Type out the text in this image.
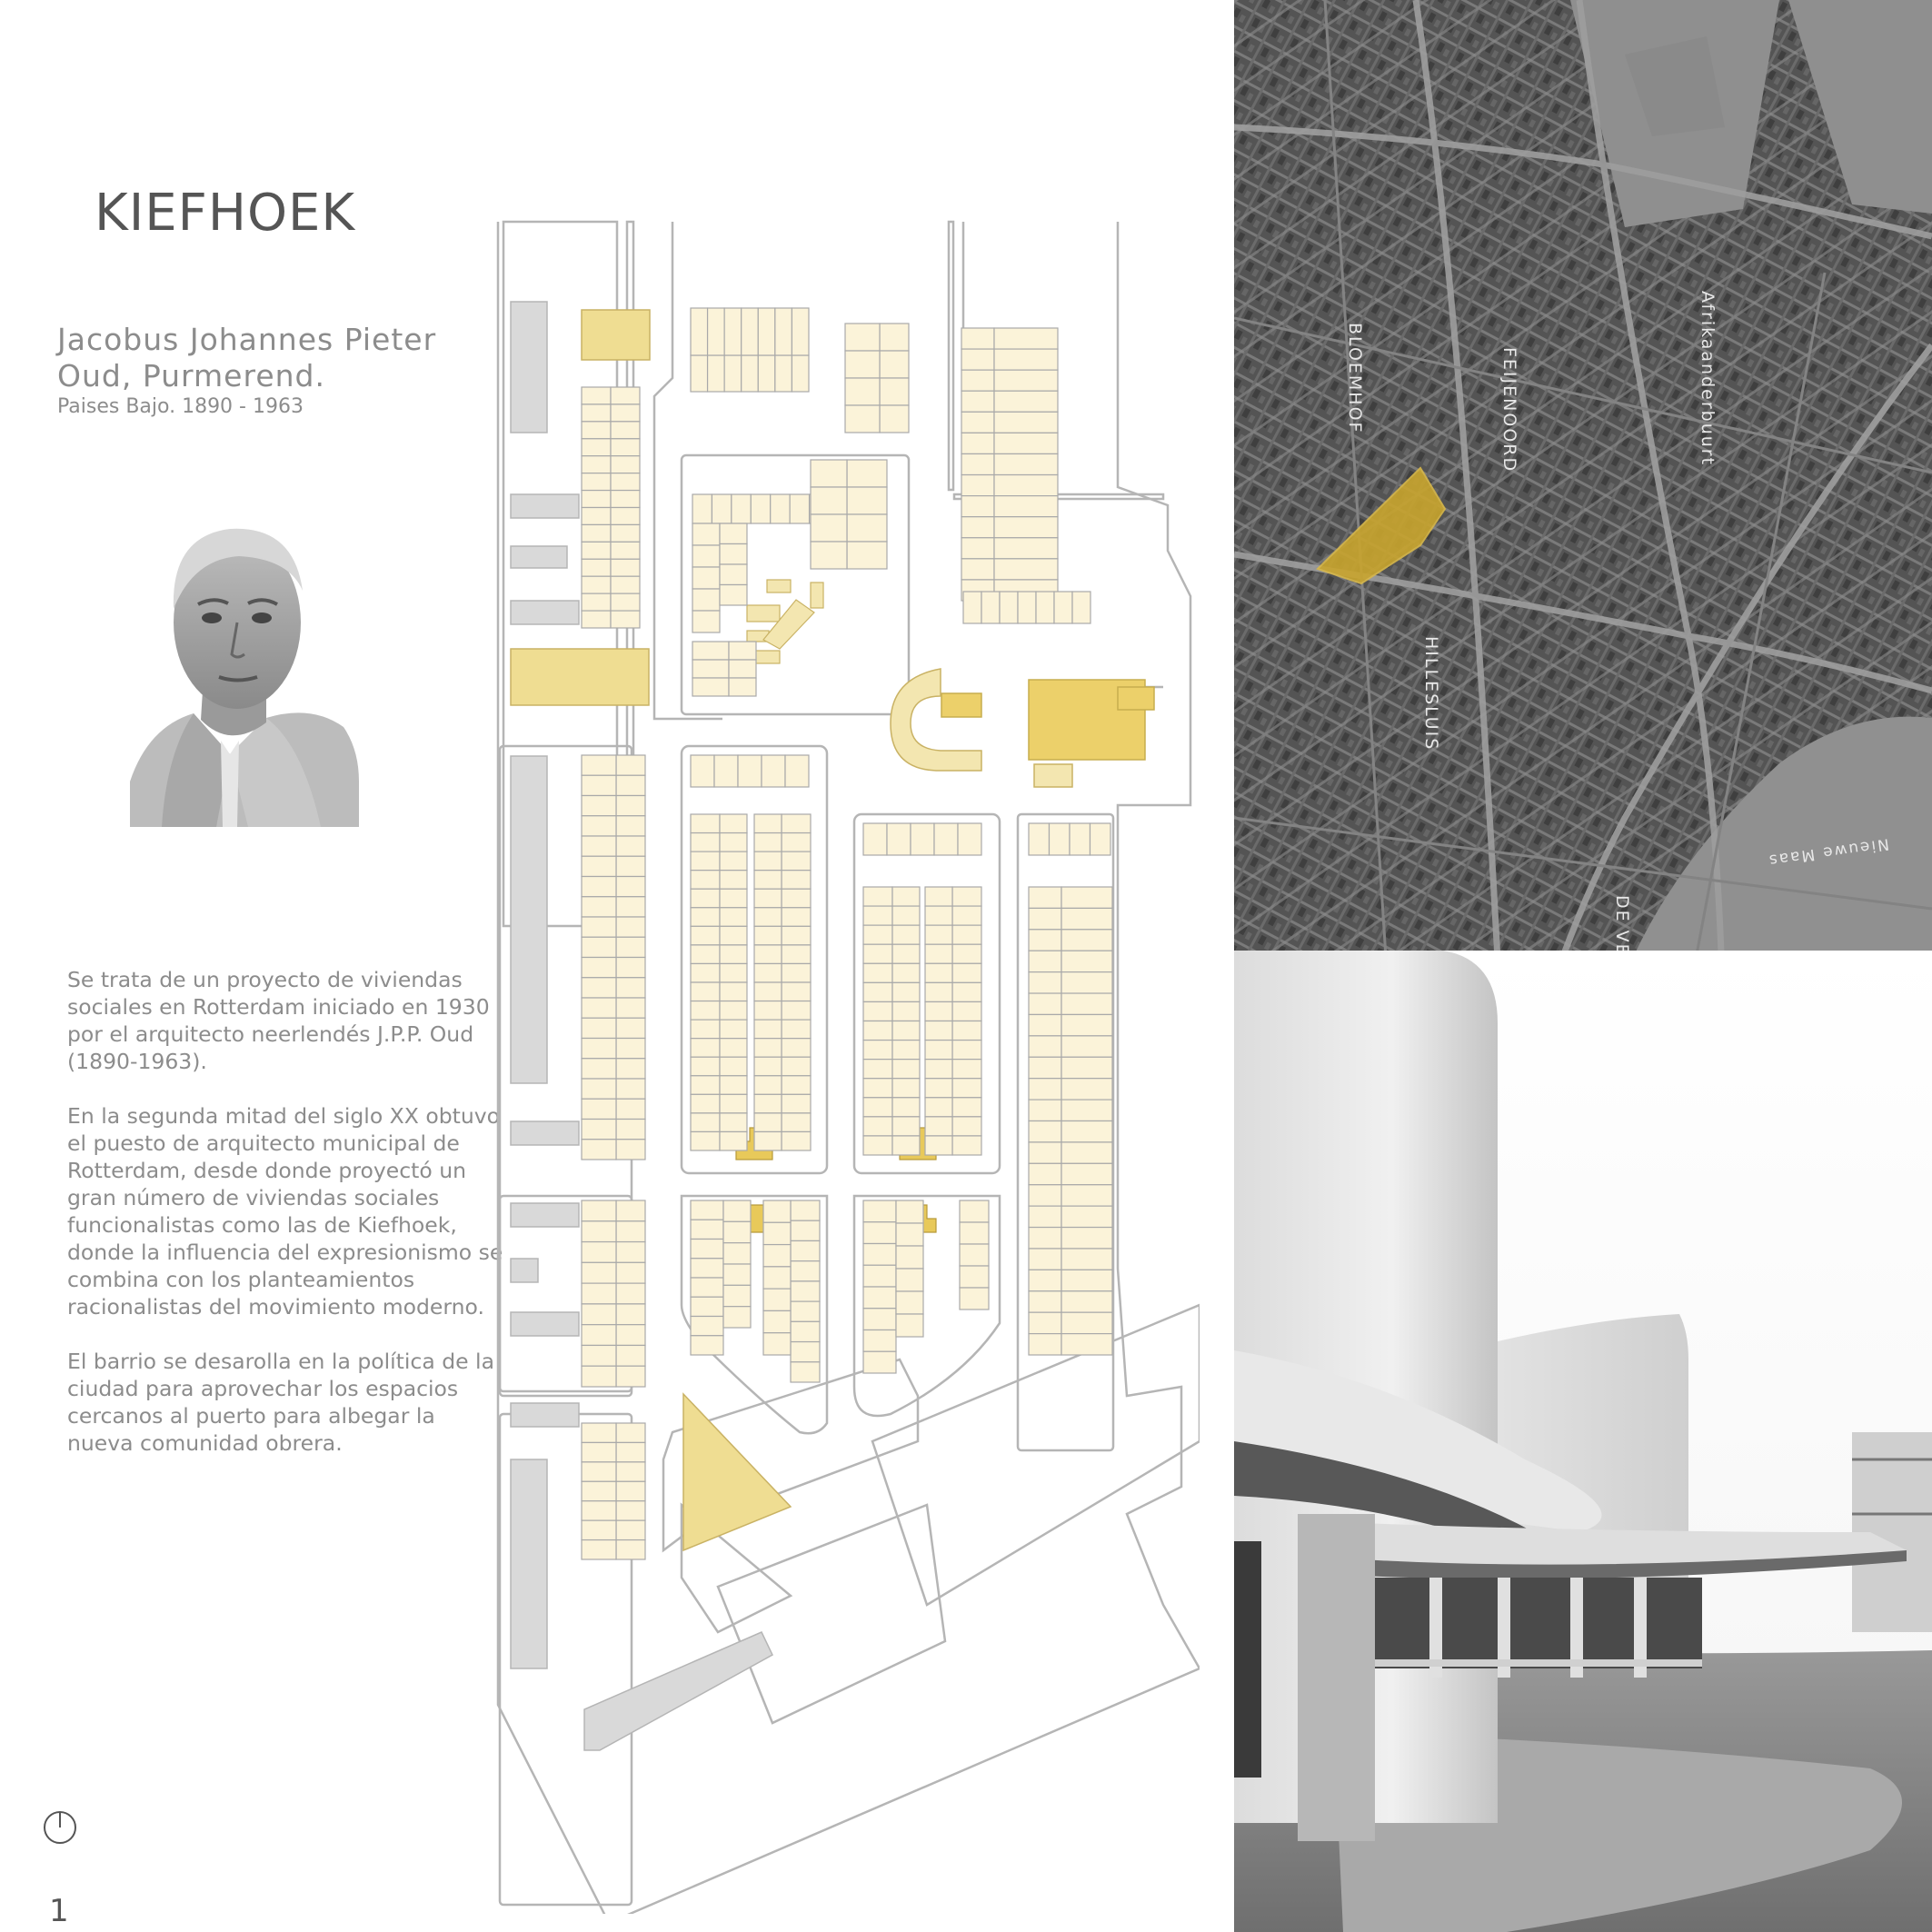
KIEFHOEK
Jacobus Johannes Pieter
Oud, Purmerend.
Paises Bajo. 1890 - 1963

Se trata de un proyecto de viviendas sociales en Rotterdam iniciado en 1930 por el arquitecto neerlendés J.P.P. Oud (1890-1963).

En la segunda mitad del siglo XX obtuvo el puesto de arquitecto municipal de Rotterdam, desde donde proyectó un gran número de viviendas sociales funcionalistas como las de Kiefhoek, donde la influencia del expresionismo se combina con los planteamientos racionalistas del movimiento moderno.

El barrio se desarolla en la política de la ciudad para aprovechar los espacios cercanos al puerto para albegar la nueva comunidad obrera.

BLOEMHOF	FEIJENOORD	Afrikaanderbuurt
HILLESLUIS
Nieuwe Maas
1
